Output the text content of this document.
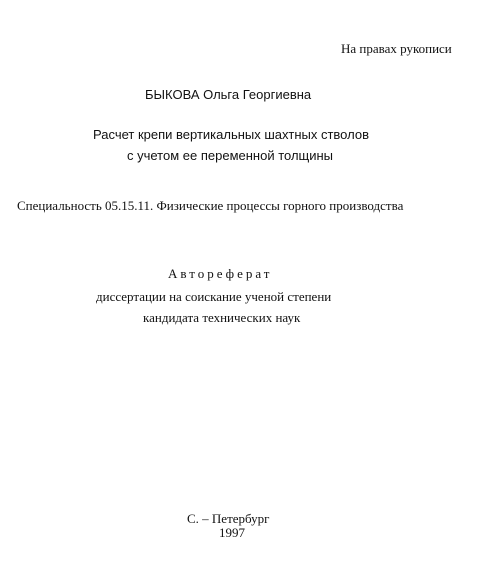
На правах рукописи
БЫКОВА Ольга Георгиевна
Расчет крепи вертикальных шахтных стволов
с учетом ее переменной толщины
Специальность 05.15.11. Физические процессы горного производства
Автореферат
диссертации на соискание ученой степени
кандидата технических наук
С. – Петербург
1997
